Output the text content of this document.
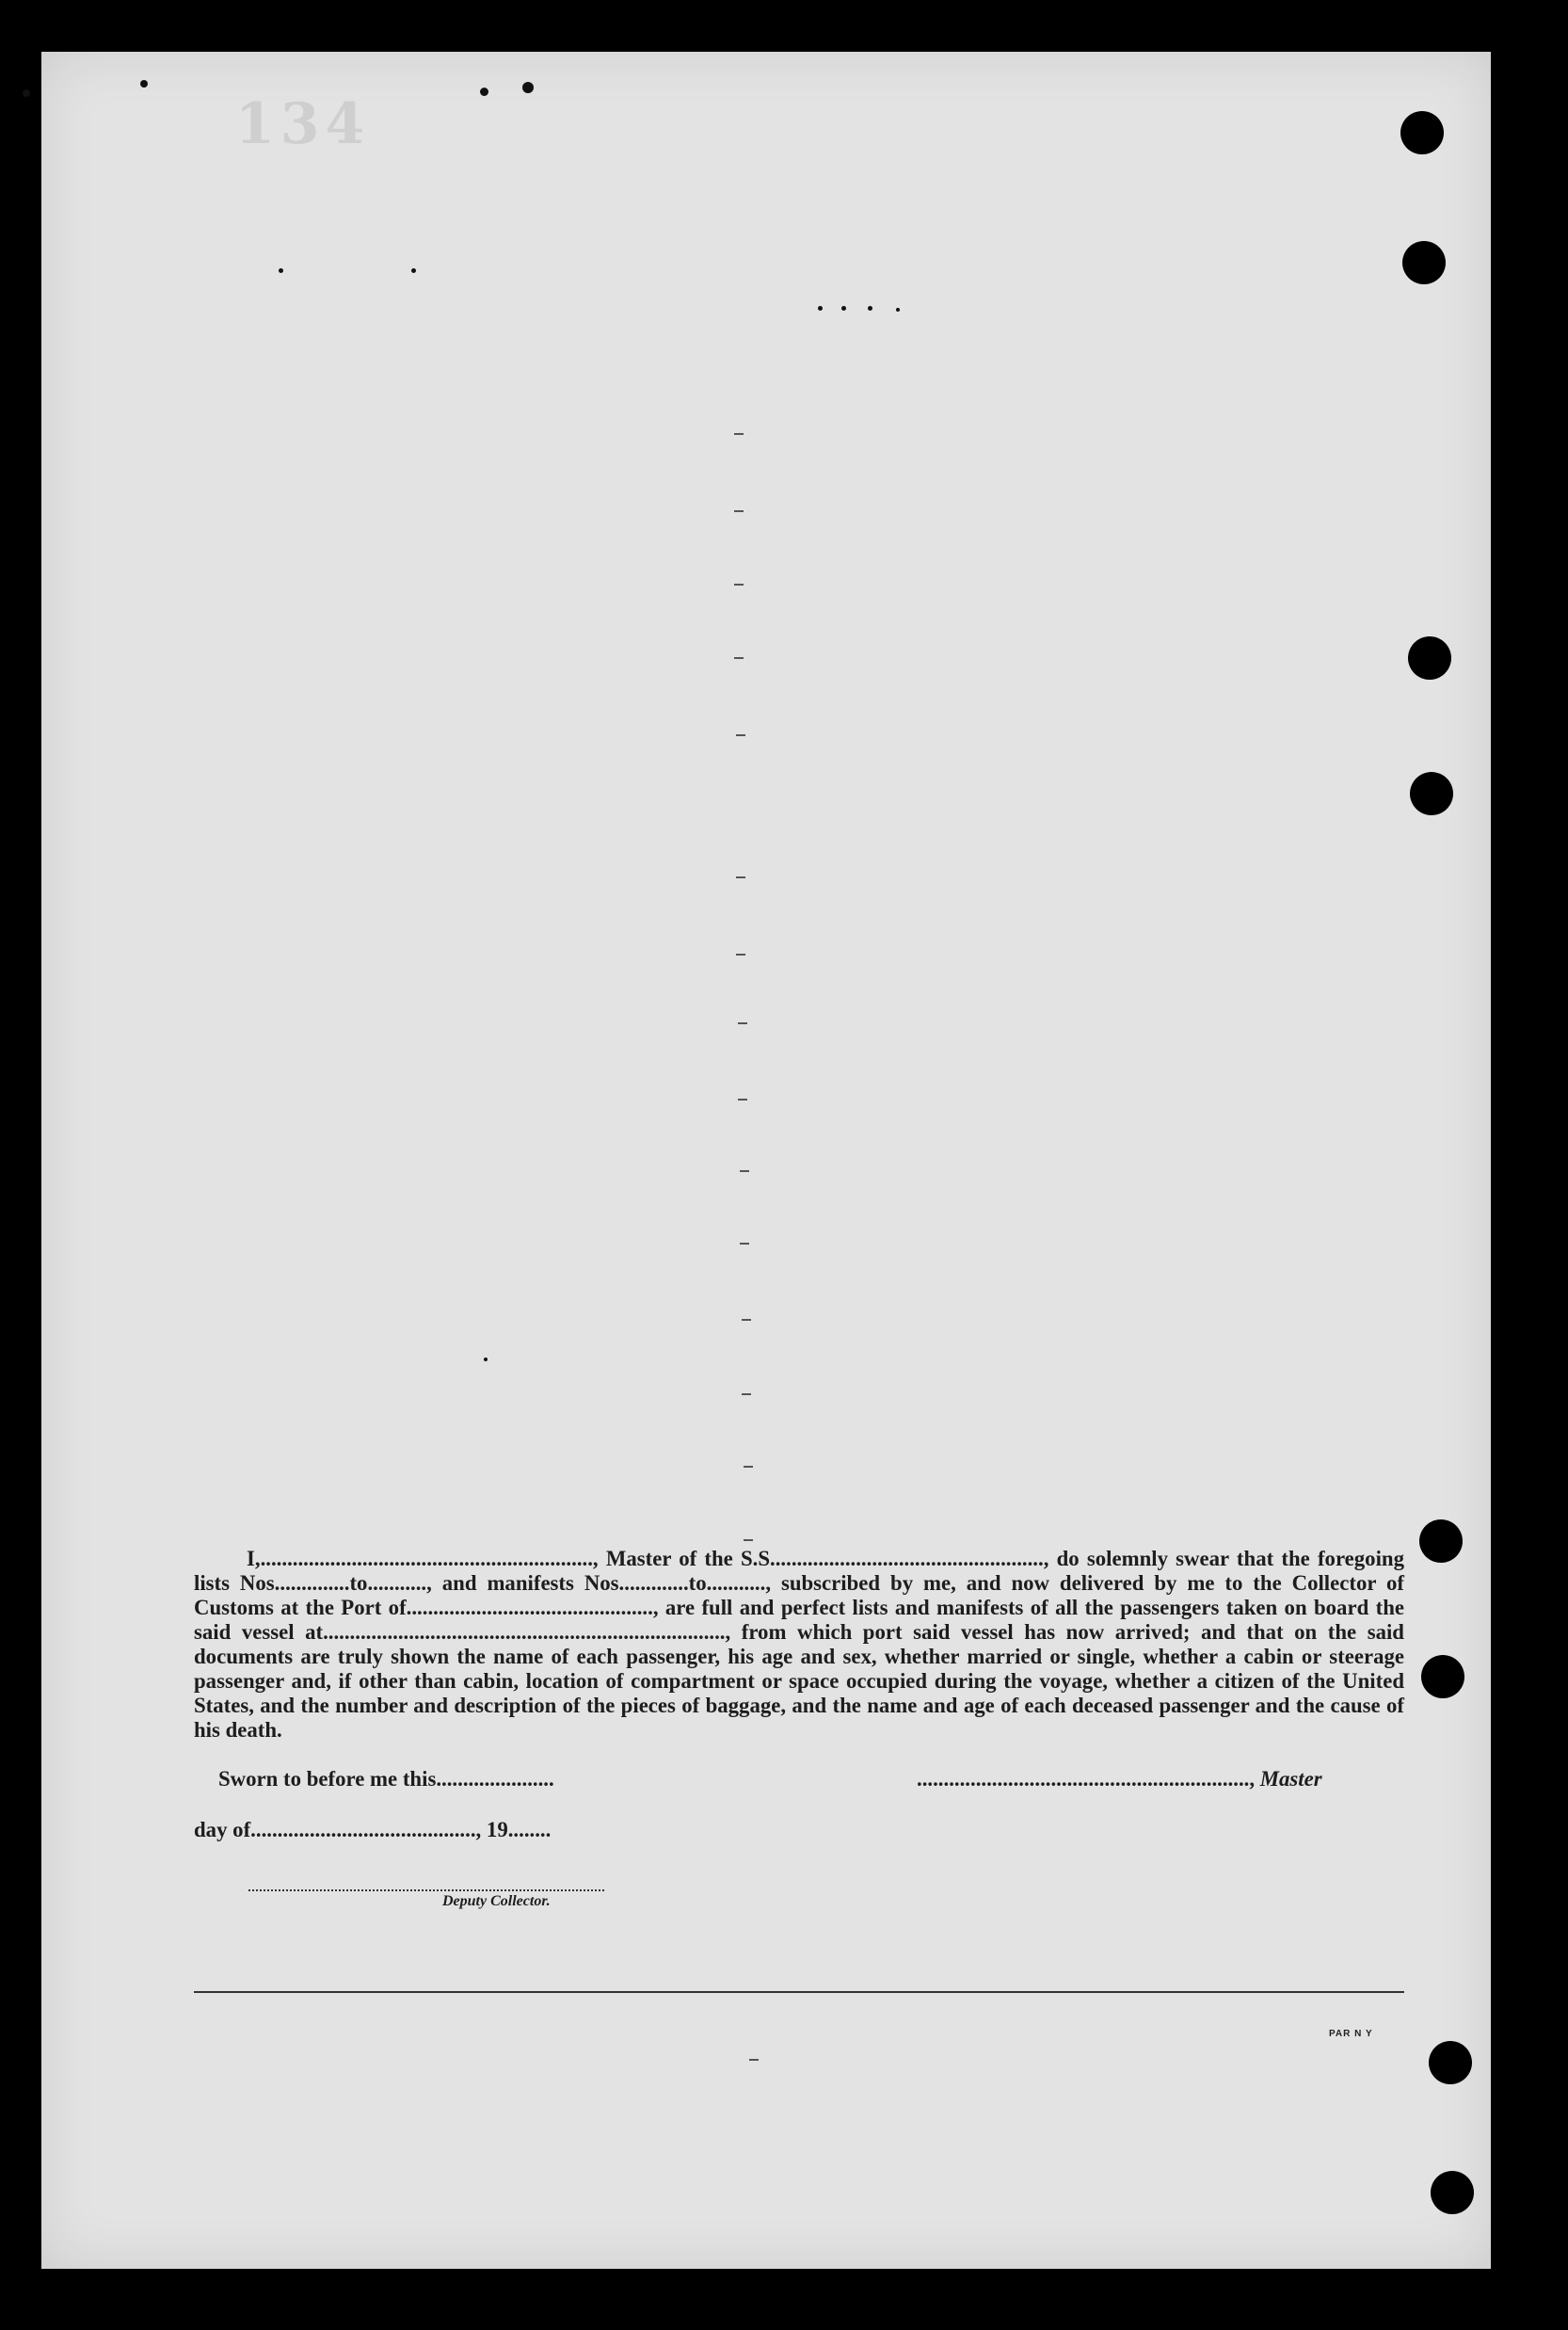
134

I,.............................................................., Master of the S.S..................................................., do solemnly swear that the foregoing lists Nos..............to..........., and manifests Nos.............to..........., subscribed by me, and now delivered by me to the Collector of Customs at the Port of.............................................., are full and perfect lists and manifests of all the passengers taken on board the said vessel at..........................................................................., from which port said vessel has now arrived; and that on the said documents are truly shown the name of each passenger, his age and sex, whether married or single, whether a cabin or steerage passenger and, if other than cabin, location of compartment or space occupied during the voyage, whether a citizen of the United States, and the number and description of the pieces of baggage, and the name and age of each deceased passenger and the cause of his death.

Sworn to before me this......................	.............................................................., Master
day of.........................................., 19........
Deputy Collector.
PAR N Y
